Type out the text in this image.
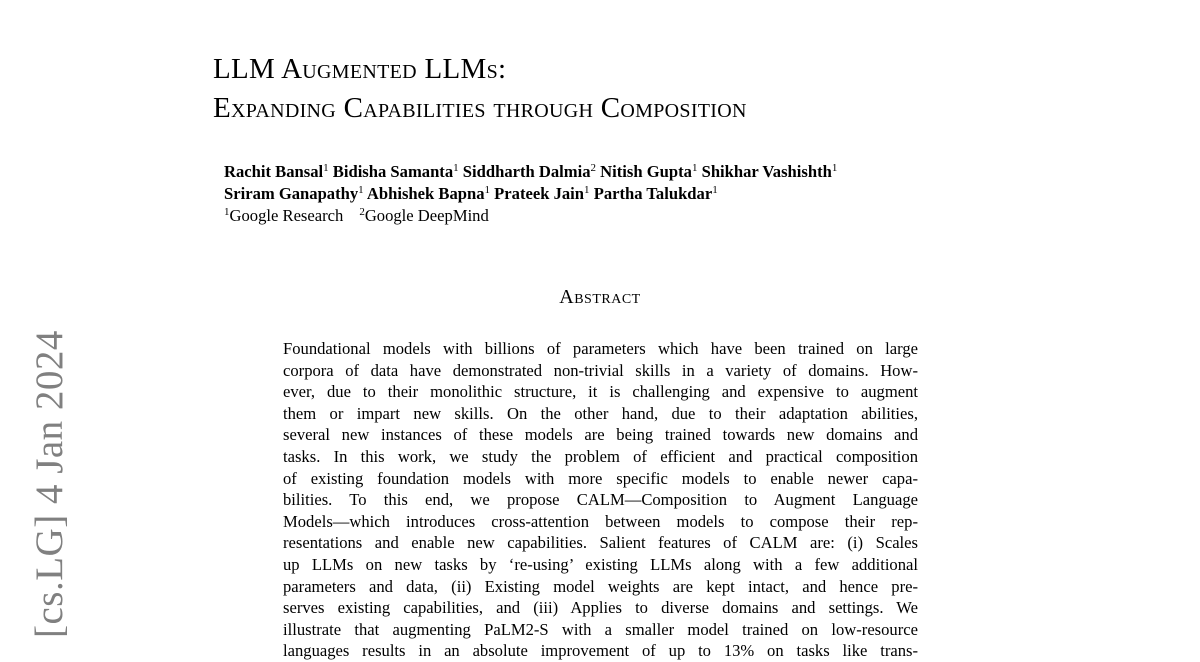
[cs.LG] 4 Jan 2024
LLM Augmented LLMs:
Expanding Capabilities through Composition
Rachit Bansal$^1$ Bidisha Samanta$^1$ Siddharth Dalmia$^2$ Nitish Gupta$^1$ Shikhar Vashishth$^1$
Sriram Ganapathy$^1$ Abhishek Bapna$^1$ Prateek Jain$^1$ Partha Talukdar$^1$
$^1$Google Research $^2$Google DeepMind
Abstract
Foundational models with billions of parameters which have been trained on large
corpora of data have demonstrated non-trivial skills in a variety of domains. How-
ever, due to their monolithic structure, it is challenging and expensive to augment
them or impart new skills. On the other hand, due to their adaptation abilities,
several new instances of these models are being trained towards new domains and
tasks. In this work, we study the problem of efficient and practical composition
of existing foundation models with more specific models to enable newer capa-
bilities. To this end, we propose CALM—Composition to Augment Language
Models—which introduces cross-attention between models to compose their rep-
resentations and enable new capabilities. Salient features of CALM are: (i) Scales
up LLMs on new tasks by ‘re-using’ existing LLMs along with a few additional
parameters and data, (ii) Existing model weights are kept intact, and hence pre-
serves existing capabilities, and (iii) Applies to diverse domains and settings. We
illustrate that augmenting PaLM2-S with a smaller model trained on low-resource
languages results in an absolute improvement of up to 13% on tasks like trans-
